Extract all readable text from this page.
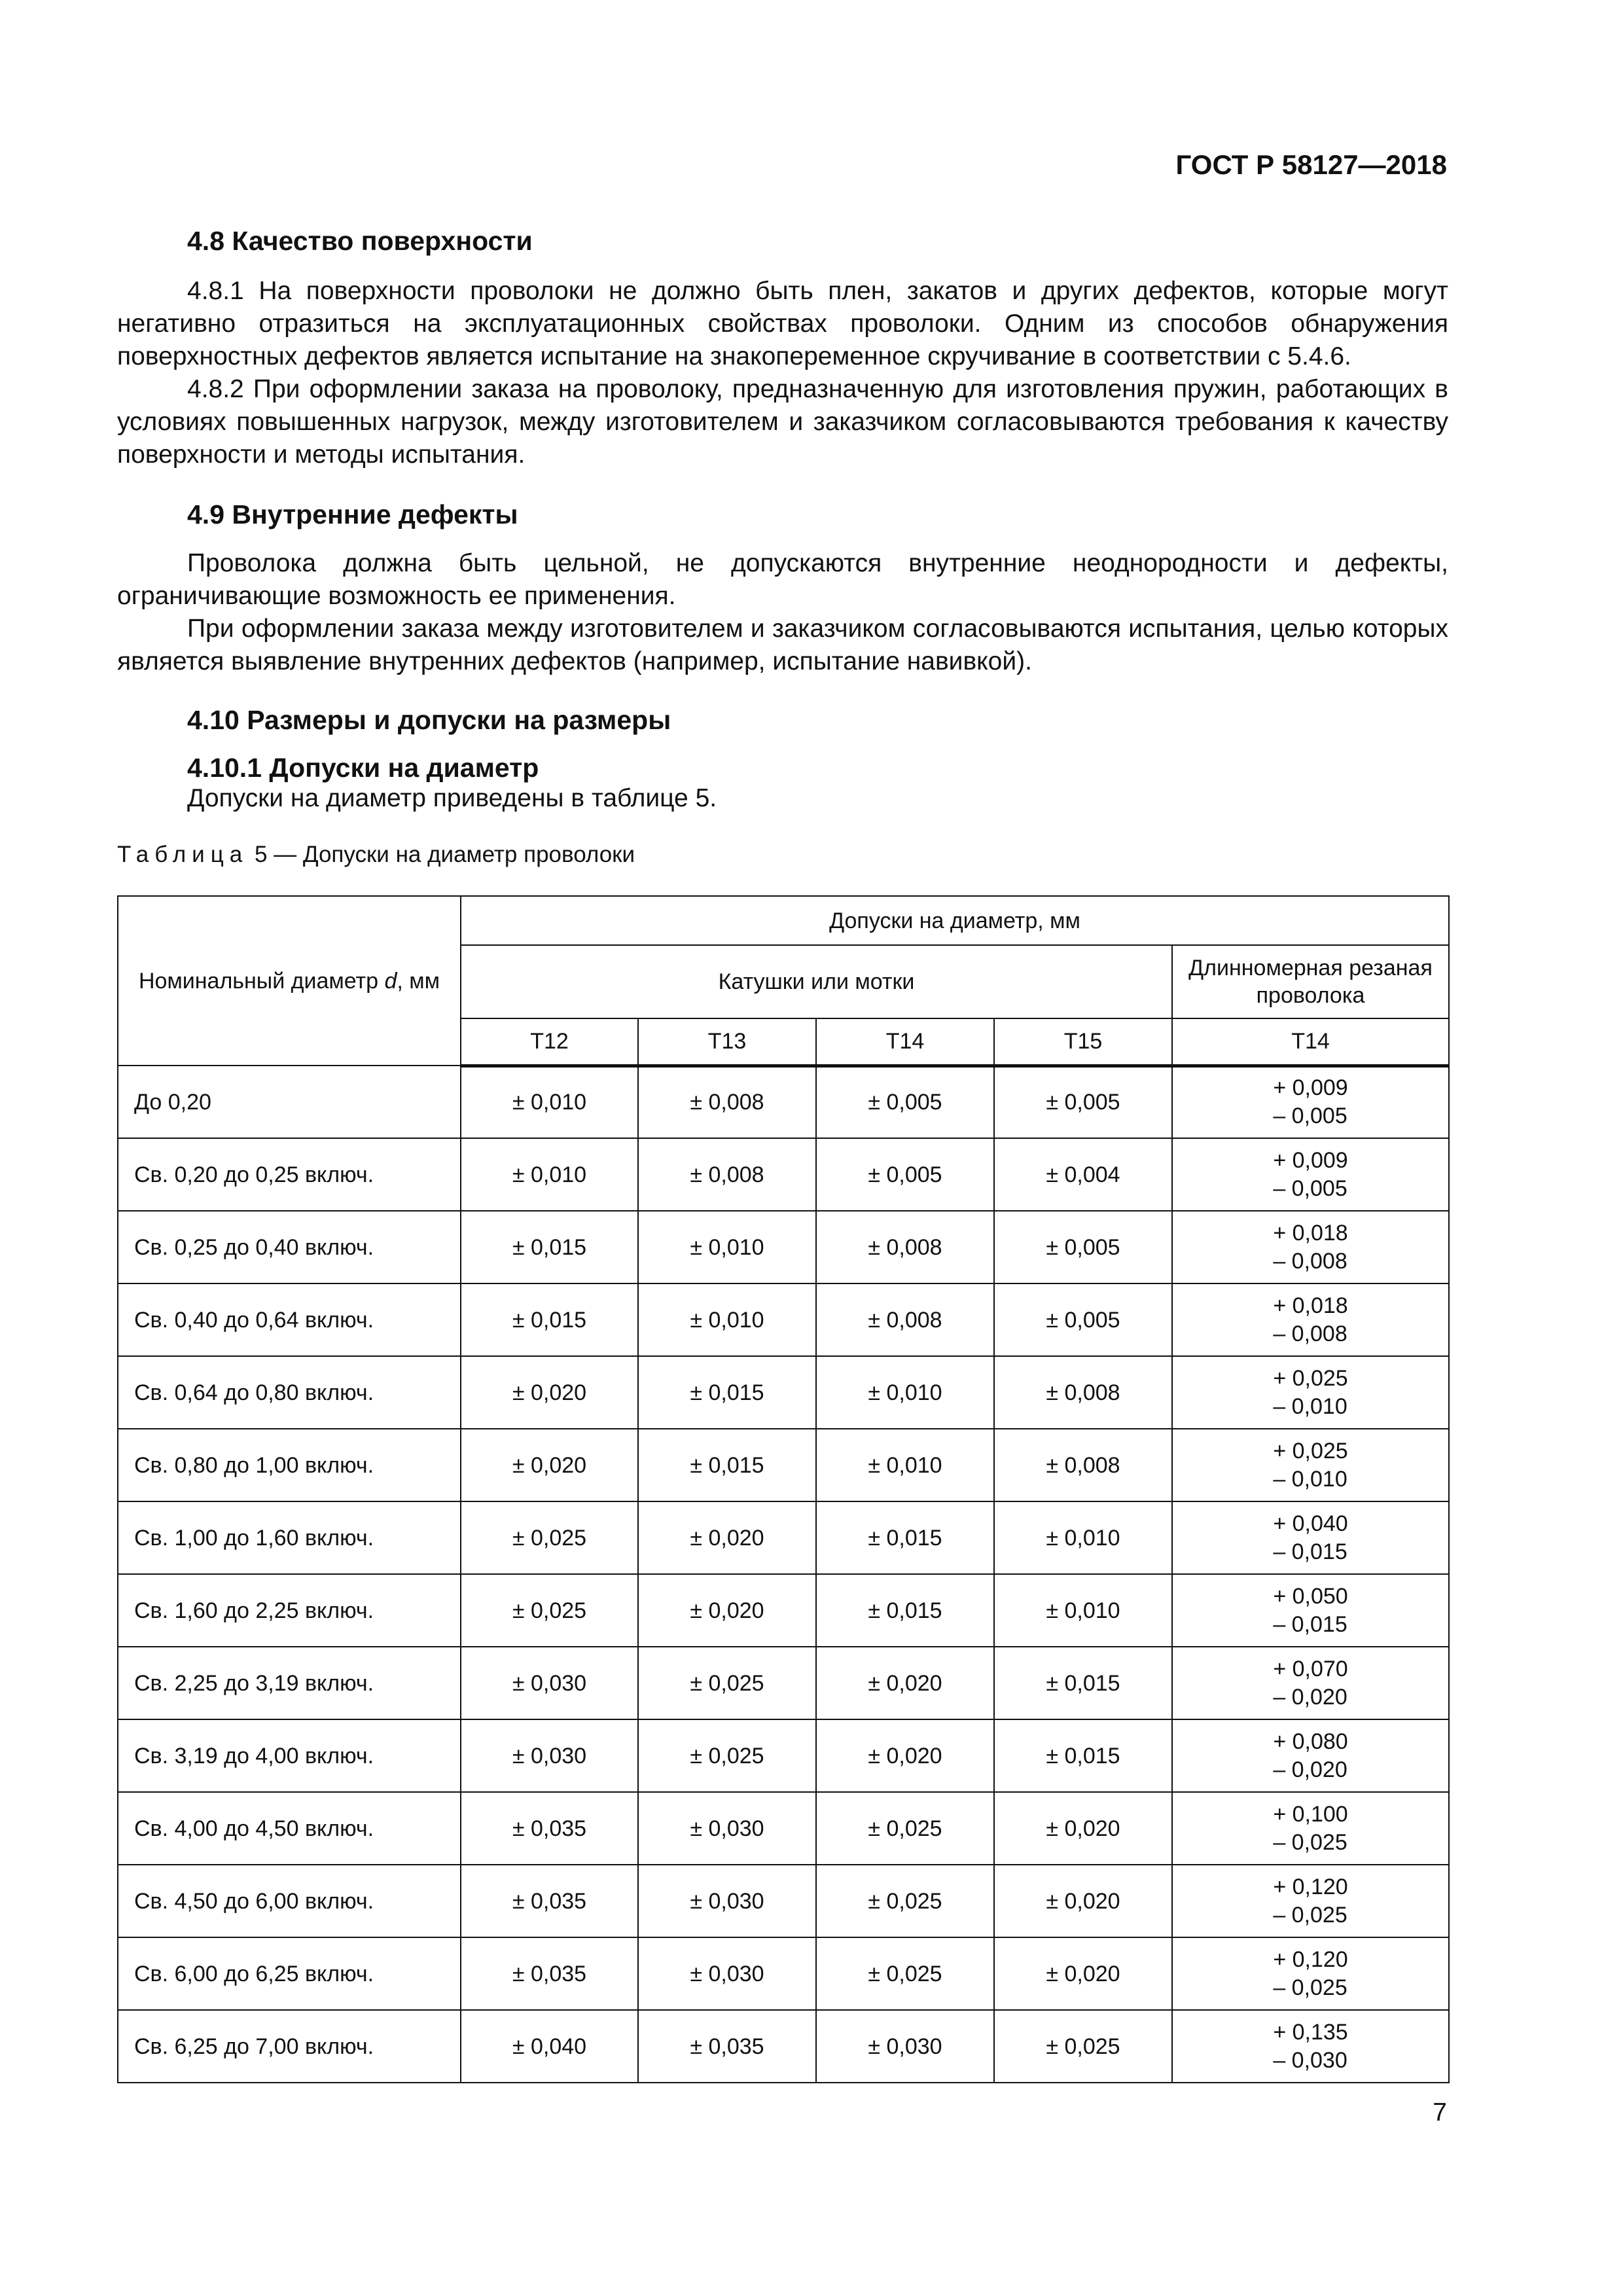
ГОСТ Р 58127—2018
4.8 Качество поверхности

4.8.1 На поверхности проволоки не должно быть плен, закатов и других дефектов, которые могут негативно отразиться на эксплуатационных свойствах проволоки. Одним из способов обнаружения поверхностных дефектов является испытание на знакопеременное скручивание в соответствии с 5.4.6.

4.8.2 При оформлении заказа на проволоку, предназначенную для изготовления пружин, работающих в условиях повышенных нагрузок, между изготовителем и заказчиком согласовываются требования к качеству поверхности и методы испытания.

4.9 Внутренние дефекты

Проволока должна быть цельной, не допускаются внутренние неоднородности и дефекты, ограничивающие возможность ее применения.

При оформлении заказа между изготовителем и заказчиком согласовываются испытания, целью которых является выявление внутренних дефектов (например, испытание навивкой).

4.10 Размеры и допуски на размеры
4.10.1 Допуски на диаметр
Допуски на диаметр приведены в таблице 5.
Таблица 5 — Допуски на диаметр проволоки
Номинальный диаметр d, мм	Допуски на диаметр, мм				
	Катушки или мотки				Длинномерная резаная
проволока
	Т12	Т13	Т14	Т15	Т14
До 0,20	± 0,010	± 0,008	± 0,005	± 0,005	+ 0,009
– 0,005
Св. 0,20 до 0,25 включ.	± 0,010	± 0,008	± 0,005	± 0,004	+ 0,009
– 0,005
Св. 0,25 до 0,40 включ.	± 0,015	± 0,010	± 0,008	± 0,005	+ 0,018
– 0,008
Св. 0,40 до 0,64 включ.	± 0,015	± 0,010	± 0,008	± 0,005	+ 0,018
– 0,008
Св. 0,64 до 0,80 включ.	± 0,020	± 0,015	± 0,010	± 0,008	+ 0,025
– 0,010
Св. 0,80 до 1,00 включ.	± 0,020	± 0,015	± 0,010	± 0,008	+ 0,025
– 0,010
Св. 1,00 до 1,60 включ.	± 0,025	± 0,020	± 0,015	± 0,010	+ 0,040
– 0,015
Св. 1,60 до 2,25 включ.	± 0,025	± 0,020	± 0,015	± 0,010	+ 0,050
– 0,015
Св. 2,25 до 3,19 включ.	± 0,030	± 0,025	± 0,020	± 0,015	+ 0,070
– 0,020
Св. 3,19 до 4,00 включ.	± 0,030	± 0,025	± 0,020	± 0,015	+ 0,080
– 0,020
Св. 4,00 до 4,50 включ.	± 0,035	± 0,030	± 0,025	± 0,020	+ 0,100
– 0,025
Св. 4,50 до 6,00 включ.	± 0,035	± 0,030	± 0,025	± 0,020	+ 0,120
– 0,025
Св. 6,00 до 6,25 включ.	± 0,035	± 0,030	± 0,025	± 0,020	+ 0,120
– 0,025
Св. 6,25 до 7,00 включ.	± 0,040	± 0,035	± 0,030	± 0,025	+ 0,135
– 0,030
7
